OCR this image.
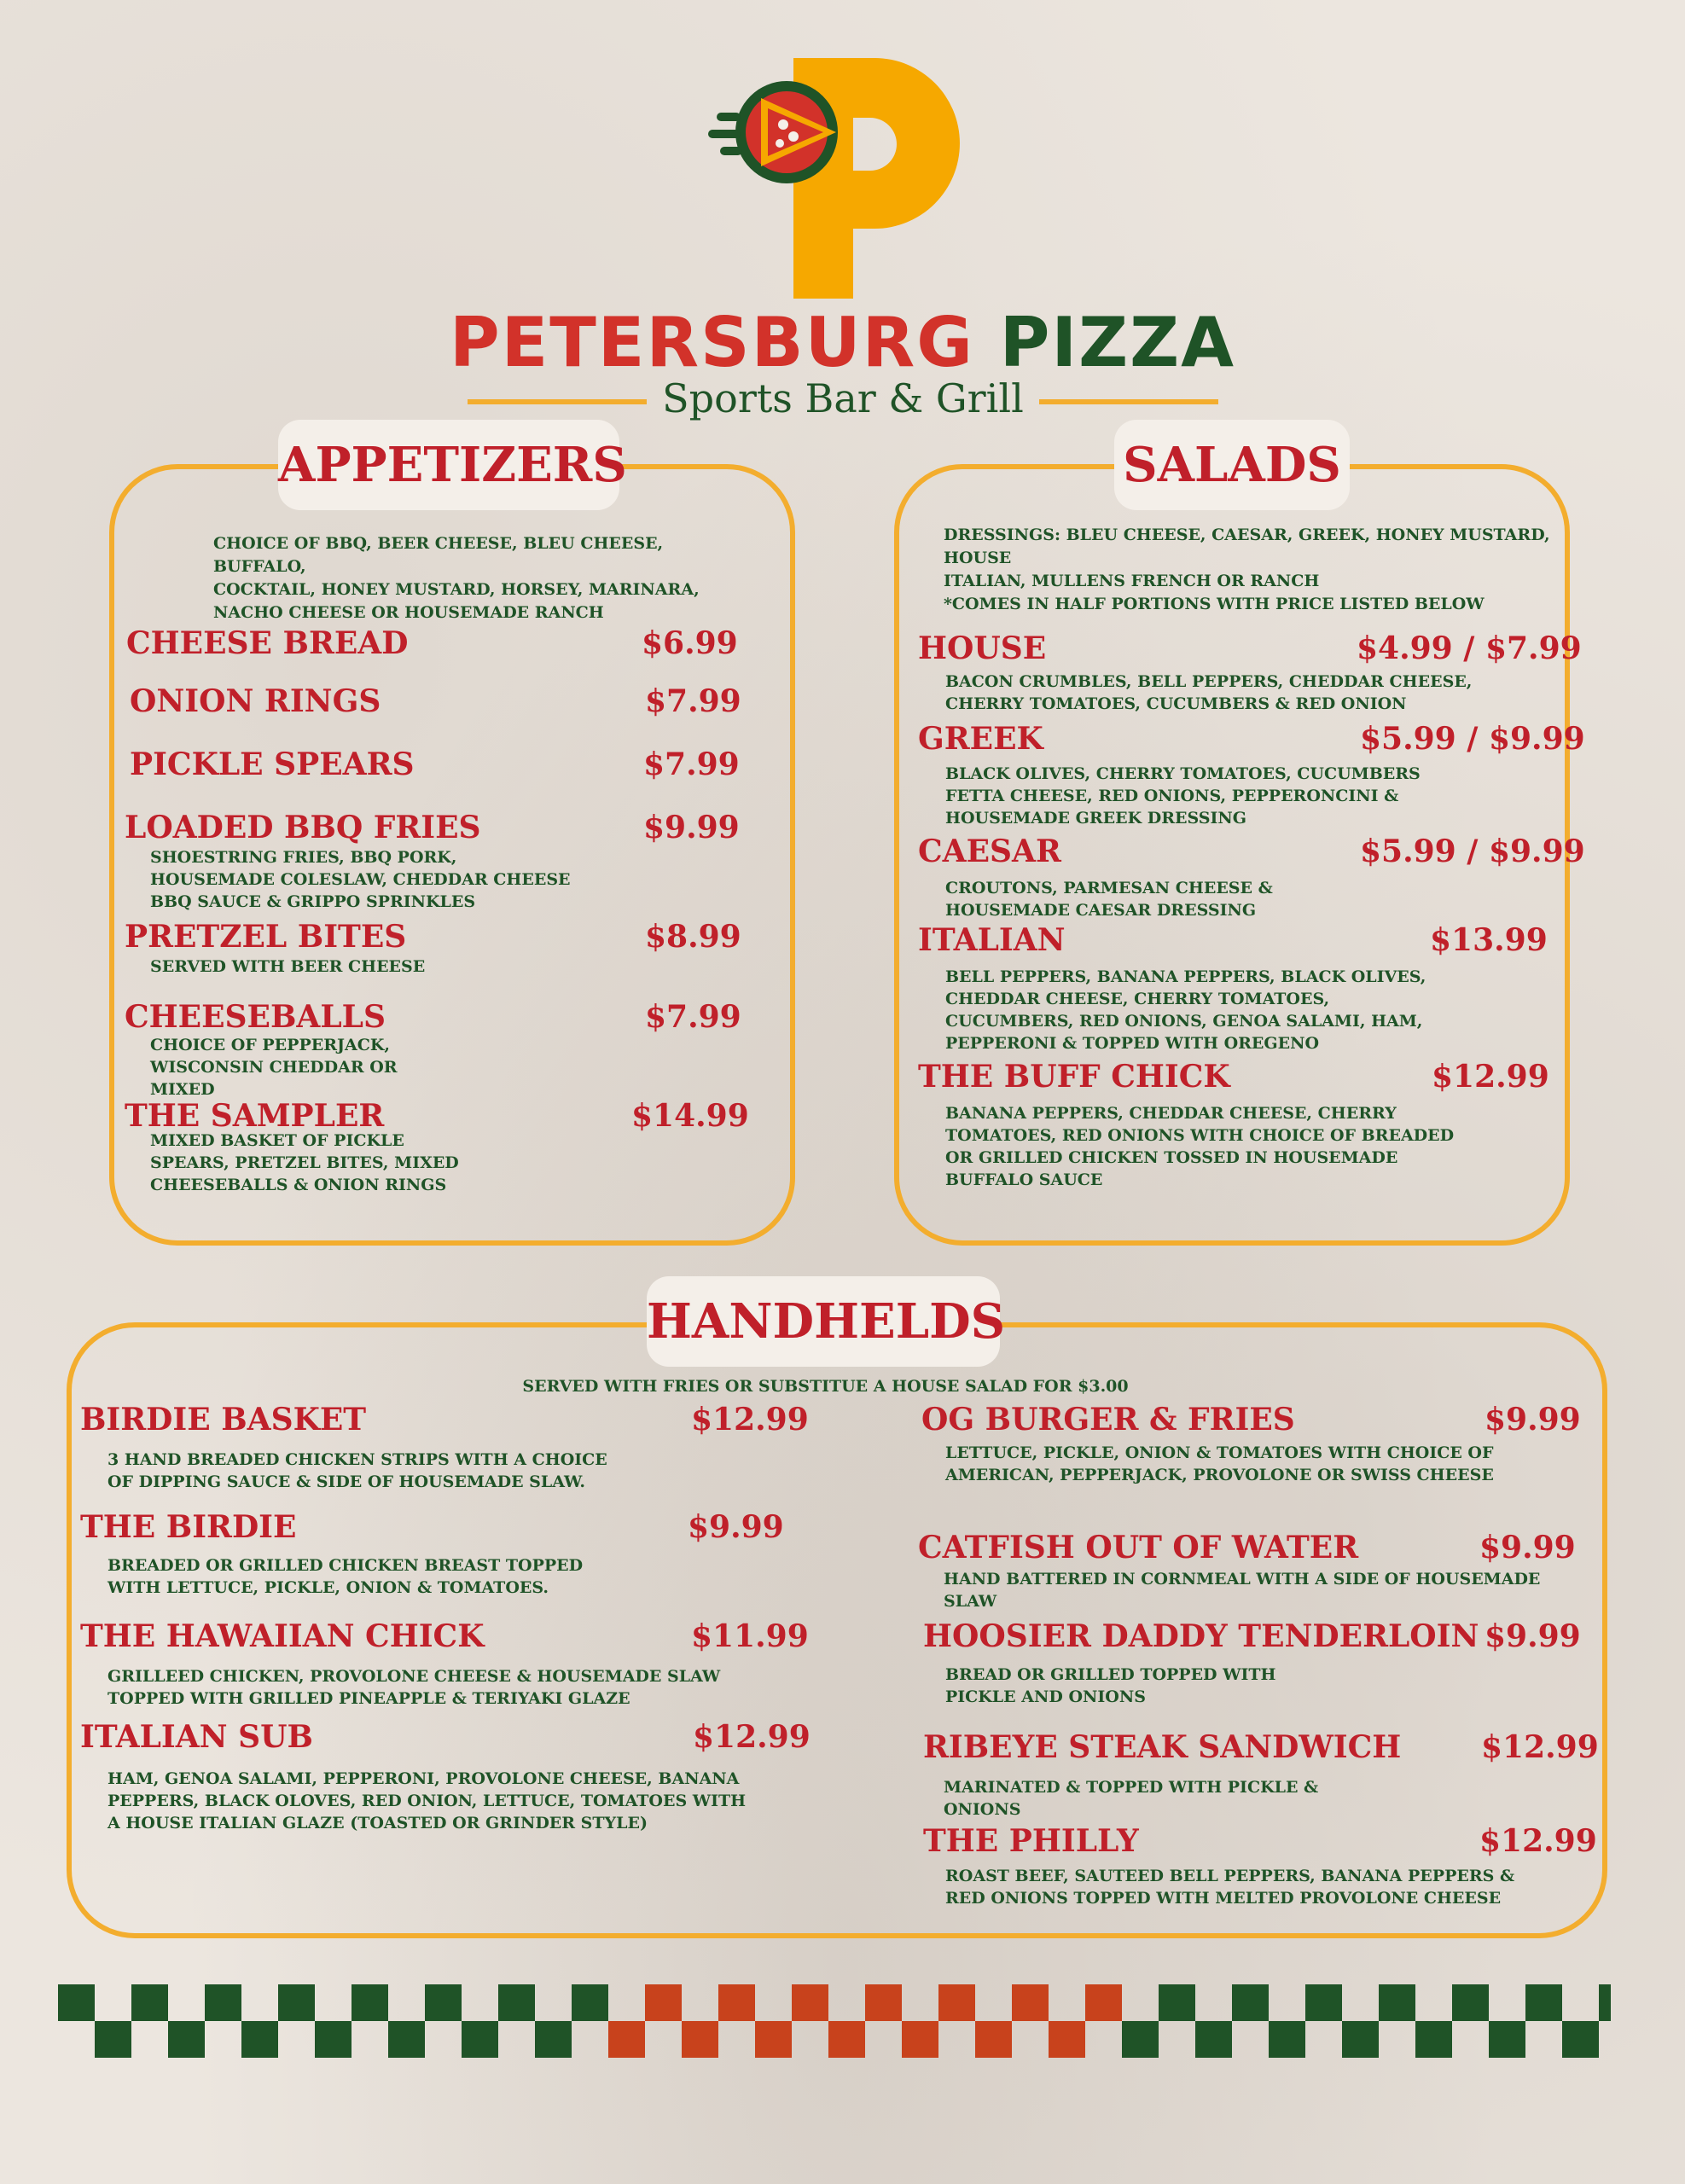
PETERSBURG PIZZA
Sports Bar & Grill
APPETIZERS
CHOICE OF BBQ, BEER CHEESE, BLEU CHEESE, BUFFALO,
COCKTAIL, HONEY MUSTARD, HORSEY, MARINARA,
NACHO CHEESE OR HOUSEMADE RANCH
CHEESE BREAD	$6.99
ONION RINGS	$7.99
PICKLE SPEARS	$7.99
LOADED BBQ FRIES	$9.99
SHOESTRING FRIES, BBQ PORK,
HOUSEMADE COLESLAW, CHEDDAR CHEESE
BBQ SAUCE & GRIPPO SPRINKLES
PRETZEL BITES	$8.99
SERVED WITH BEER CHEESE
CHEESEBALLS	$7.99
CHOICE OF PEPPERJACK,
WISCONSIN CHEDDAR OR
MIXED
THE SAMPLER	$14.99
MIXED BASKET OF PICKLE
SPEARS, PRETZEL BITES, MIXED
CHEESEBALLS & ONION RINGS
SALADS
DRESSINGS: BLEU CHEESE, CAESAR, GREEK, HONEY MUSTARD, HOUSE
ITALIAN, MULLENS FRENCH OR RANCH
*COMES IN HALF PORTIONS WITH PRICE LISTED BELOW
HOUSE	$4.99 / $7.99
BACON CRUMBLES, BELL PEPPERS, CHEDDAR CHEESE,
CHERRY TOMATOES, CUCUMBERS & RED ONION
GREEK	$5.99 / $9.99
BLACK OLIVES, CHERRY TOMATOES, CUCUMBERS
FETTA CHEESE, RED ONIONS, PEPPERONCINI &
HOUSEMADE GREEK DRESSING
CAESAR	$5.99 / $9.99
CROUTONS, PARMESAN CHEESE &
HOUSEMADE CAESAR DRESSING
ITALIAN	$13.99
BELL PEPPERS, BANANA PEPPERS, BLACK OLIVES,
CHEDDAR CHEESE, CHERRY TOMATOES,
CUCUMBERS, RED ONIONS, GENOA SALAMI, HAM,
PEPPERONI & TOPPED WITH OREGENO
THE BUFF CHICK	$12.99
BANANA PEPPERS, CHEDDAR CHEESE, CHERRY
TOMATOES, RED ONIONS WITH CHOICE OF BREADED
OR GRILLED CHICKEN TOSSED IN HOUSEMADE
BUFFALO SAUCE
HANDHELDS
SERVED WITH FRIES OR SUBSTITUE A HOUSE SALAD FOR $3.00
BIRDIE BASKET	$12.99
3 HAND BREADED CHICKEN STRIPS WITH A CHOICE
OF DIPPING SAUCE & SIDE OF HOUSEMADE SLAW.
THE BIRDIE	$9.99
BREADED OR GRILLED CHICKEN BREAST TOPPED
WITH LETTUCE, PICKLE, ONION & TOMATOES.
THE HAWAIIAN CHICK	$11.99
GRILLEED CHICKEN, PROVOLONE CHEESE & HOUSEMADE SLAW
TOPPED WITH GRILLED PINEAPPLE & TERIYAKI GLAZE
ITALIAN SUB	$12.99
HAM, GENOA SALAMI, PEPPERONI, PROVOLONE CHEESE, BANANA
PEPPERS, BLACK OLOVES, RED ONION, LETTUCE, TOMATOES WITH
A HOUSE ITALIAN GLAZE (TOASTED OR GRINDER STYLE)
OG BURGER & FRIES	$9.99
LETTUCE, PICKLE, ONION & TOMATOES WITH CHOICE OF
AMERICAN, PEPPERJACK, PROVOLONE OR SWISS CHEESE
CATFISH OUT OF WATER	$9.99
HAND BATTERED IN CORNMEAL WITH A SIDE OF HOUSEMADE
SLAW
HOOSIER DADDY TENDERLOIN $9.99
BREAD OR GRILLED TOPPED WITH
PICKLE AND ONIONS
RIBEYE STEAK SANDWICH	$12.99
MARINATED & TOPPED WITH PICKLE &
ONIONS
THE PHILLY	$12.99
ROAST BEEF, SAUTEED BELL PEPPERS, BANANA PEPPERS &
RED ONIONS TOPPED WITH MELTED PROVOLONE CHEESE
